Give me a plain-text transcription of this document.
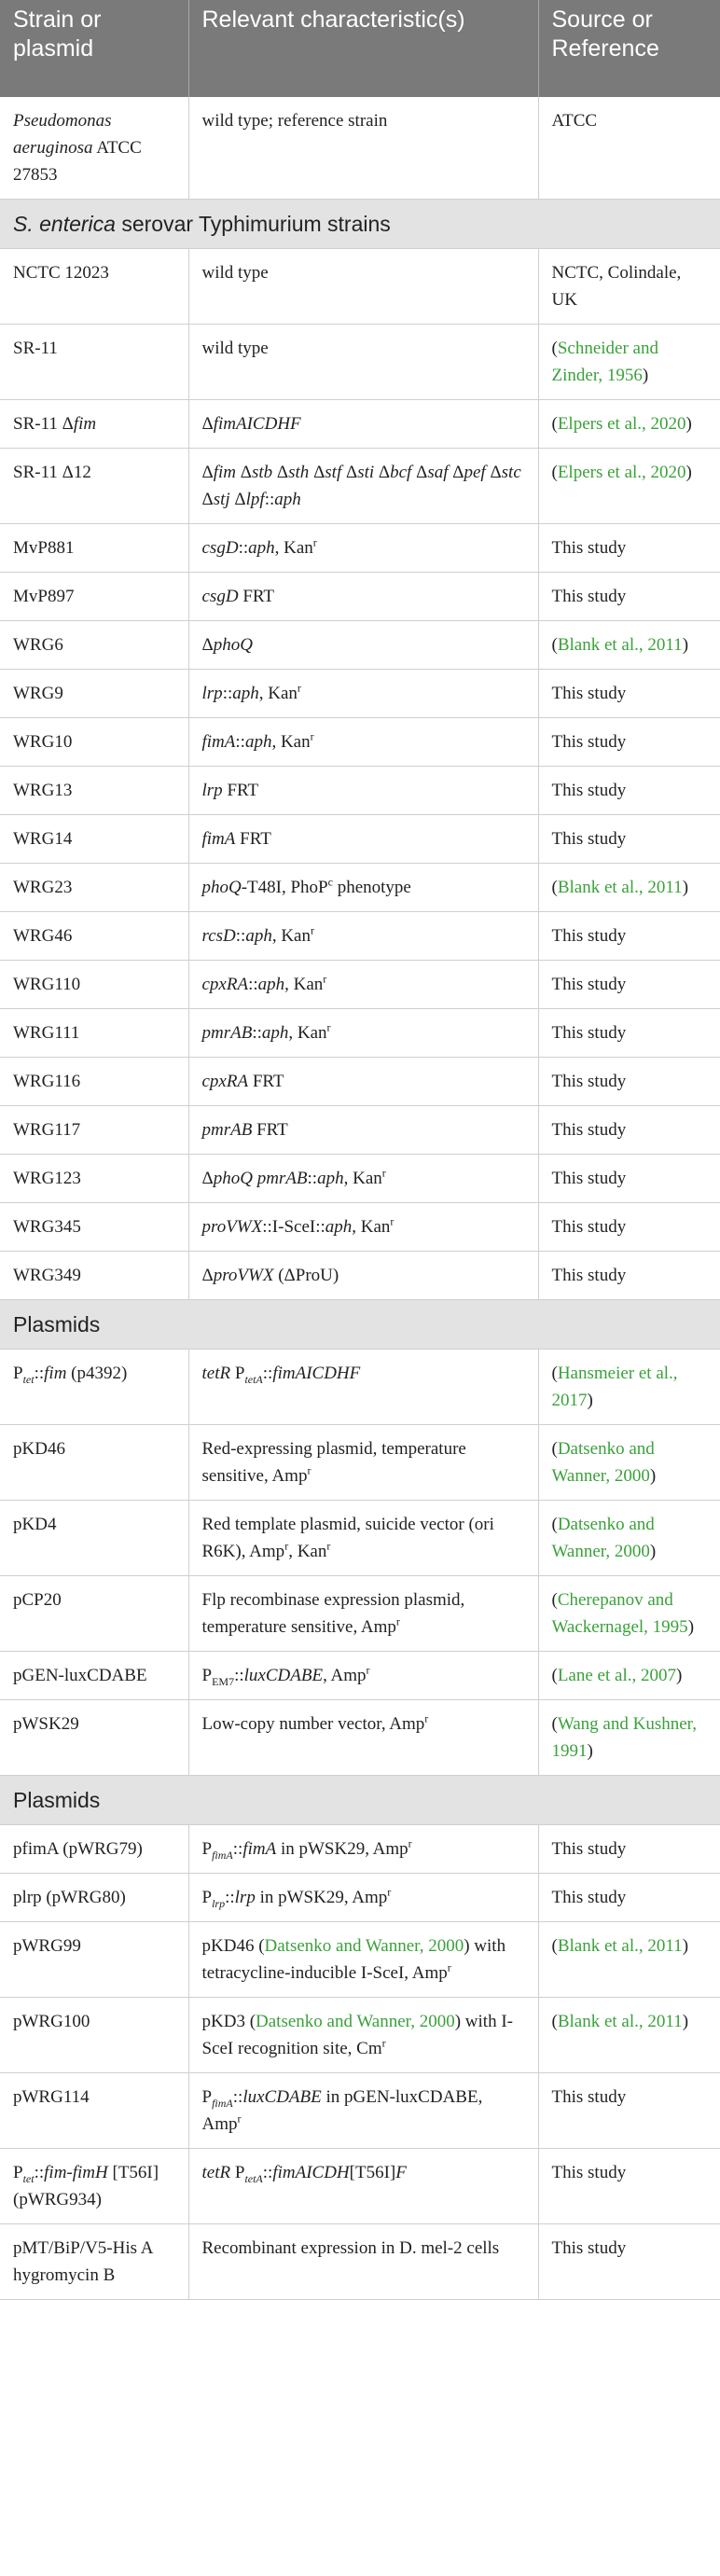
Strain or plasmid	Relevant characteristic(s)	Source or Reference
Pseudomonas aeruginosa ATCC 27853	wild type; reference strain	ATCC
S. enterica serovar Typhimurium strains		
NCTC 12023	wild type	NCTC, Colindale, UK
SR-11	wild type	(Schneider and Zinder, 1956)
SR-11 Δfim	ΔfimAICDHF	(Elpers et al., 2020)
SR-11 Δ12	Δfim Δstb Δsth Δstf Δsti Δbcf Δsaf Δpef Δstc Δstj Δlpf::aph	(Elpers et al., 2020)
MvP881	csgD::aph, Kan$^r$	This study
MvP897	csgD FRT	This study
WRG6	ΔphoQ	(Blank et al., 2011)
WRG9	lrp::aph, Kan$^r$	This study
WRG10	fimA::aph, Kan$^r$	This study
WRG13	lrp FRT	This study
WRG14	fimA FRT	This study
WRG23	phoQ-T48I, PhoP$^c$ phenotype	(Blank et al., 2011)
WRG46	rcsD::aph, Kan$^r$	This study
WRG110	cpxRA::aph, Kan$^r$	This study
WRG111	pmrAB::aph, Kan$^r$	This study
WRG116	cpxRA FRT	This study
WRG117	pmrAB FRT	This study
WRG123	ΔphoQ pmrAB::aph, Kan$^r$	This study
WRG345	proVWX::I-SceI::aph, Kan$^r$	This study
WRG349	ΔproVWX (ΔProU)	This study
Plasmids		
$P_{tet}::fim$ (p4392)	tetR $P_{tetA}::fimAICDHF$	(Hansmeier et al., 2017)
pKD46	Red-expressing plasmid, temperature sensitive, Amp$^r$	(Datsenko and Wanner, 2000)
pKD4	Red template plasmid, suicide vector (ori R6K), Amp$^r$, Kan$^r$	(Datsenko and Wanner, 2000)
pCP20	Flp recombinase expression plasmid, temperature sensitive, Amp$^r$	(Cherepanov and Wackernagel, 1995)
pGEN-luxCDABE	$P_{EM7}::luxCDABE$, Amp$^r$	(Lane et al., 2007)
pWSK29	Low-copy number vector, Amp$^r$	(Wang and Kushner, 1991)
Plasmids		
pfimA (pWRG79)	$P_{fimA}::fimA$ in pWSK29, Amp$^r$	This study
plrp (pWRG80)	$P_{lrp}::lrp$ in pWSK29, Amp$^r$	This study
pWRG99	pKD46 (Datsenko and Wanner, 2000) with tetracycline-inducible I-SceI, Amp$^r$	(Blank et al., 2011)
pWRG100	pKD3 (Datsenko and Wanner, 2000) with I-SceI recognition site, Cm$^r$	(Blank et al., 2011)
pWRG114	$P_{fimA}::luxCDABE$ in pGEN-luxCDABE, Amp$^r$	This study
$P_{tet}::fim$-fimH [T56I] (pWRG934)	tetR $P_{tetA}::fimAICDH[T56I]F$	This study
pMT/BiP/V5-His A hygromycin B	Recombinant expression in D. mel-2 cells	This study
